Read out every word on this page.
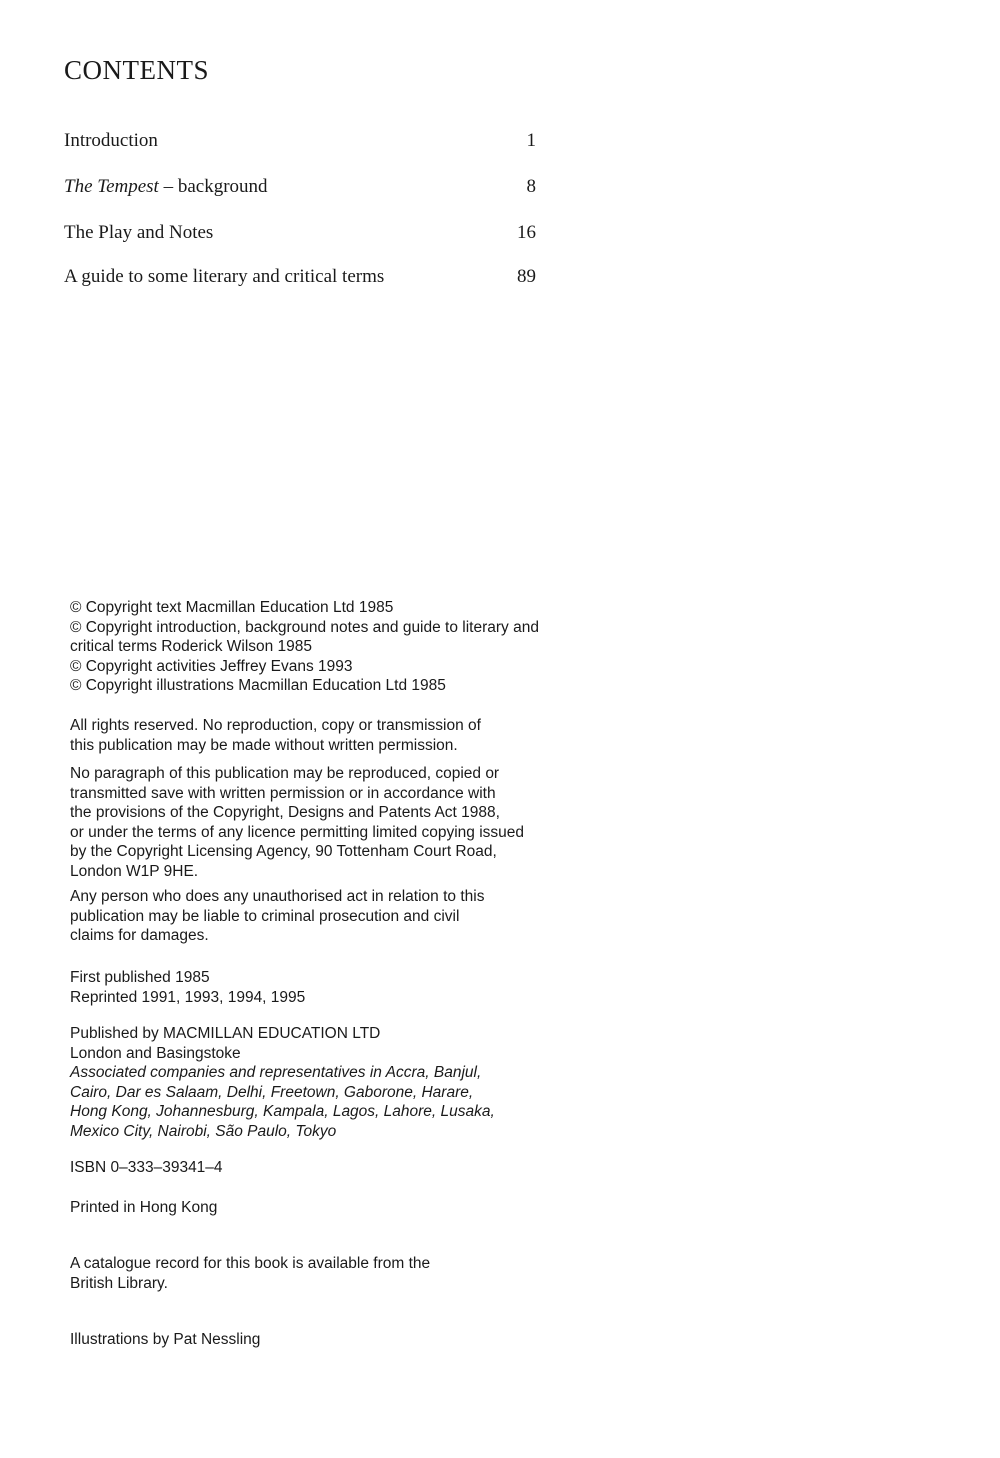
CONTENTS
Introduction	1
The Tempest – background	8
The Play and Notes	16
A guide to some literary and critical terms	89
© Copyright text Macmillan Education Ltd 1985
© Copyright introduction, background notes and guide to literary and
critical terms Roderick Wilson 1985
© Copyright activities Jeffrey Evans 1993
© Copyright illustrations Macmillan Education Ltd 1985
All rights reserved. No reproduction, copy or transmission of
this publication may be made without written permission.
No paragraph of this publication may be reproduced, copied or
transmitted save with written permission or in accordance with
the provisions of the Copyright, Designs and Patents Act 1988,
or under the terms of any licence permitting limited copying issued
by the Copyright Licensing Agency, 90 Tottenham Court Road,
London W1P 9HE.
Any person who does any unauthorised act in relation to this
publication may be liable to criminal prosecution and civil
claims for damages.
First published 1985
Reprinted 1991, 1993, 1994, 1995
Published by MACMILLAN EDUCATION LTD
London and Basingstoke
Associated companies and representatives in Accra, Banjul,
Cairo, Dar es Salaam, Delhi, Freetown, Gaborone, Harare,
Hong Kong, Johannesburg, Kampala, Lagos, Lahore, Lusaka,
Mexico City, Nairobi, São Paulo, Tokyo
ISBN 0–333–39341–4
Printed in Hong Kong
A catalogue record for this book is available from the
British Library.
Illustrations by Pat Nessling
